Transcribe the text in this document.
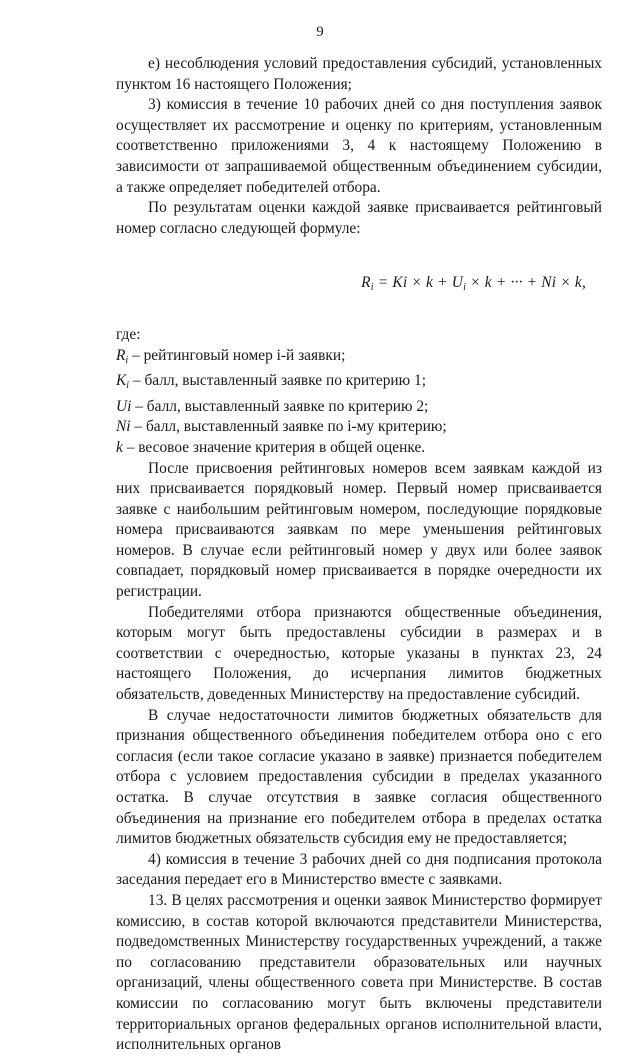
9

е) несоблюдения условий предоставления субсидий, установленных пунктом 16 настоящего Положения;

3) комиссия в течение 10 рабочих дней со дня поступления заявок осуществляет их рассмотрение и оценку по критериям, установленным соответственно приложениями 3, 4 к настоящему Положению в зависимости от запрашиваемой общественным объединением субсидии, а также определяет победителей отбора.

По результатам оценки каждой заявке присваивается рейтинговый номер согласно следующей формуле:

$R_i = Ki \times k + U_i \times k$ + ··· + Ni × k,

где:

$R_i$ – рейтинговый номер i-й заявки;

$K_i$ – балл, выставленный заявке по критерию 1;

Ui – балл, выставленный заявке по критерию 2;

Ni – балл, выставленный заявке по i-му критерию;

k – весовое значение критерия в общей оценке.

После присвоения рейтинговых номеров всем заявкам каждой из них присваивается порядковый номер. Первый номер присваивается заявке с наибольшим рейтинговым номером, последующие порядковые номера присваиваются заявкам по мере уменьшения рейтинговых номеров. В случае если рейтинговый номер у двух или более заявок совпадает, порядковый номер присваивается в порядке очередности их регистрации.

Победителями отбора признаются общественные объединения, которым могут быть предоставлены субсидии в размерах и в соответствии с очередностью, которые указаны в пунктах 23, 24 настоящего Положения, до исчерпания лимитов бюджетных обязательств, доведенных Министерству на предоставление субсидий.

В случае недостаточности лимитов бюджетных обязательств для признания общественного объединения победителем отбора оно с его согласия (если такое согласие указано в заявке) признается победителем отбора с условием предоставления субсидии в пределах указанного остатка. В случае отсутствия в заявке согласия общественного объединения на признание его победителем отбора в пределах остатка лимитов бюджетных обязательств субсидия ему не предоставляется;

4) комиссия в течение 3 рабочих дней со дня подписания протокола заседания передает его в Министерство вместе с заявками.

13. В целях рассмотрения и оценки заявок Министерство формирует комиссию, в состав которой включаются представители Министерства, подведомственных Министерству государственных учреждений, а также по согласованию представители образовательных или научных организаций, члены общественного совета при Министерстве. В состав комиссии по согласованию могут быть включены представители территориальных органов федеральных органов исполнительной власти, исполнительных органов
